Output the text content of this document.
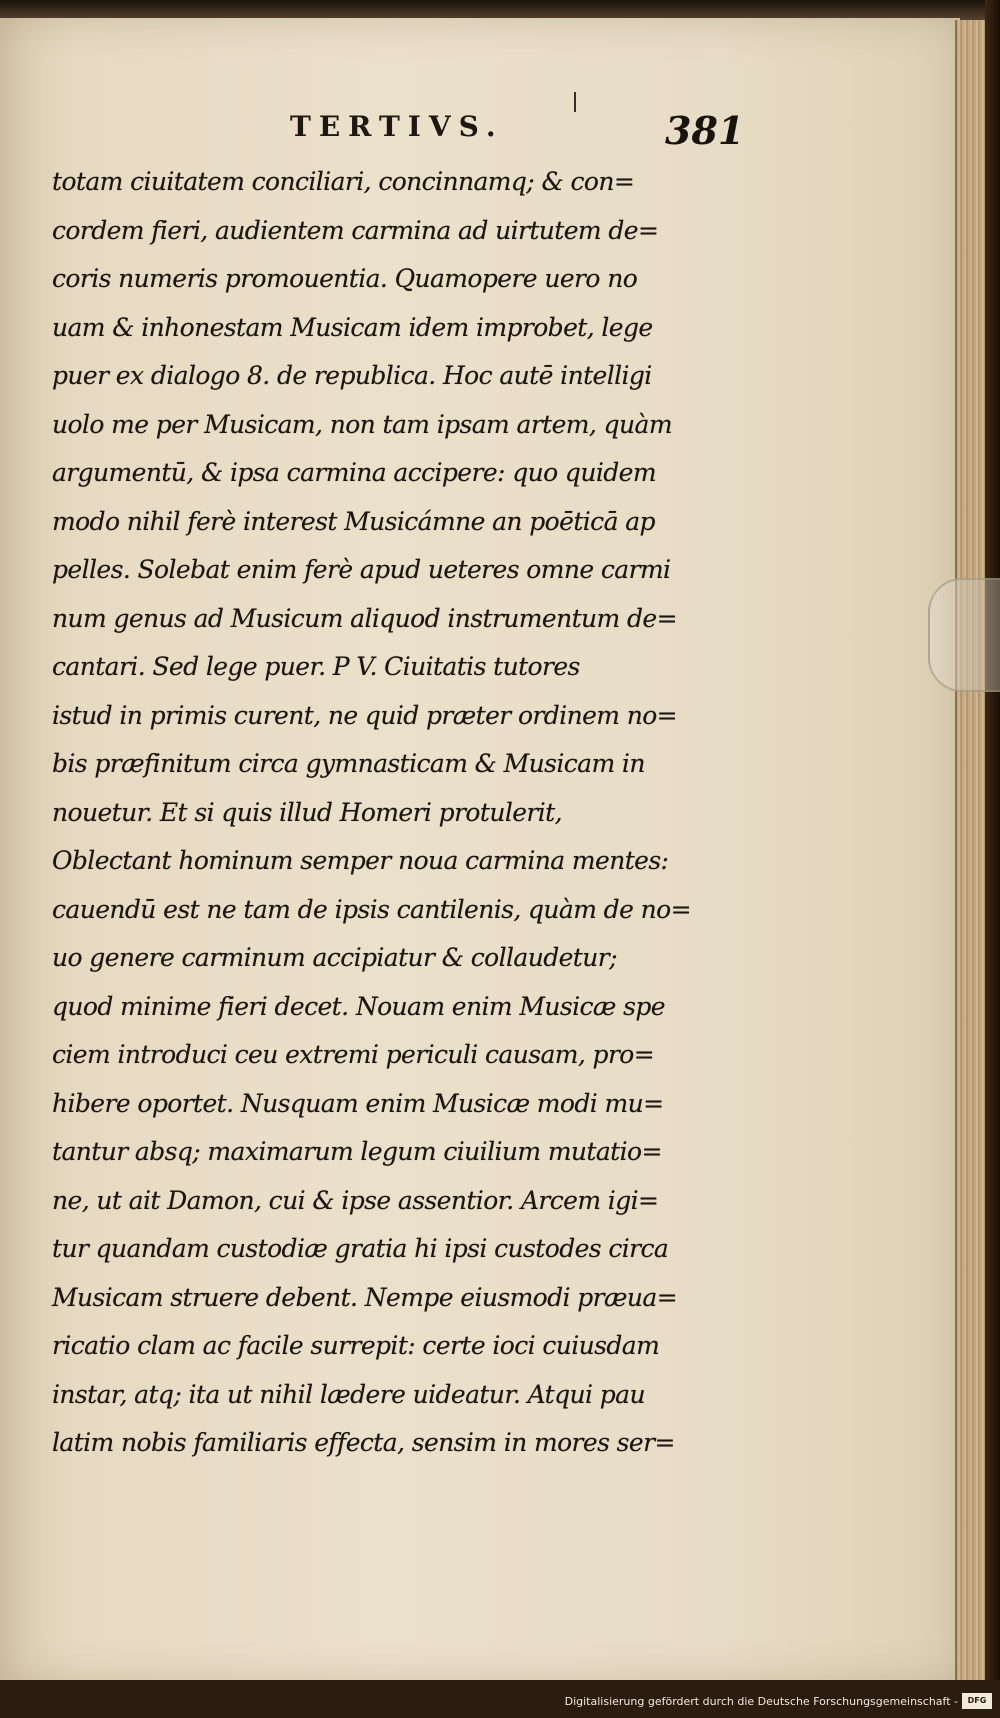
TERTIVS.	381
totam ciuitatem conciliari, concinnamq; & con=
cordem fieri, audientem carmina ad uirtutem de=
coris numeris promouentia. Quamopere uero no
uam & inhonestam Musicam idem improbet, lege
puer ex dialogo 8. de republica. Hoc autē intelligi
uolo me per Musicam, non tam ipsam artem, quàm
argumentū, & ipsa carmina accipere: quo quidem
modo nihil ferè interest Musicámne an poēticā ap
pelles. Solebat enim ferè apud ueteres omne carmi
num genus ad Musicum aliquod instrumentum de=
cantari. Sed lege puer. P V. Ciuitatis tutores
istud in primis curent, ne quid præter ordinem no=
bis præfinitum circa gymnasticam & Musicam in
nouetur. Et si quis illud Homeri protulerit,
Oblectant hominum semper noua carmina mentes:
cauendū est ne tam de ipsis cantilenis, quàm de no=
uo genere carminum accipiatur & collaudetur;
quod minime fieri decet. Nouam enim Musicæ spe
ciem introduci ceu extremi periculi causam, pro=
hibere oportet. Nusquam enim Musicæ modi mu=
tantur absq; maximarum legum ciuilium mutatio=
ne, ut ait Damon, cui & ipse assentior. Arcem igi=
tur quandam custodiæ gratia hi ipsi custodes circa
Musicam struere debent. Nempe eiusmodi præua=
ricatio clam ac facile surrepit: certe ioci cuiusdam
instar, atq; ita ut nihil lædere uideatur. Atqui pau
latim nobis familiaris effecta, sensim in mores ser=
Digitalisierung gefördert durch die Deutsche Forschungsgemeinschaft -	DFG
